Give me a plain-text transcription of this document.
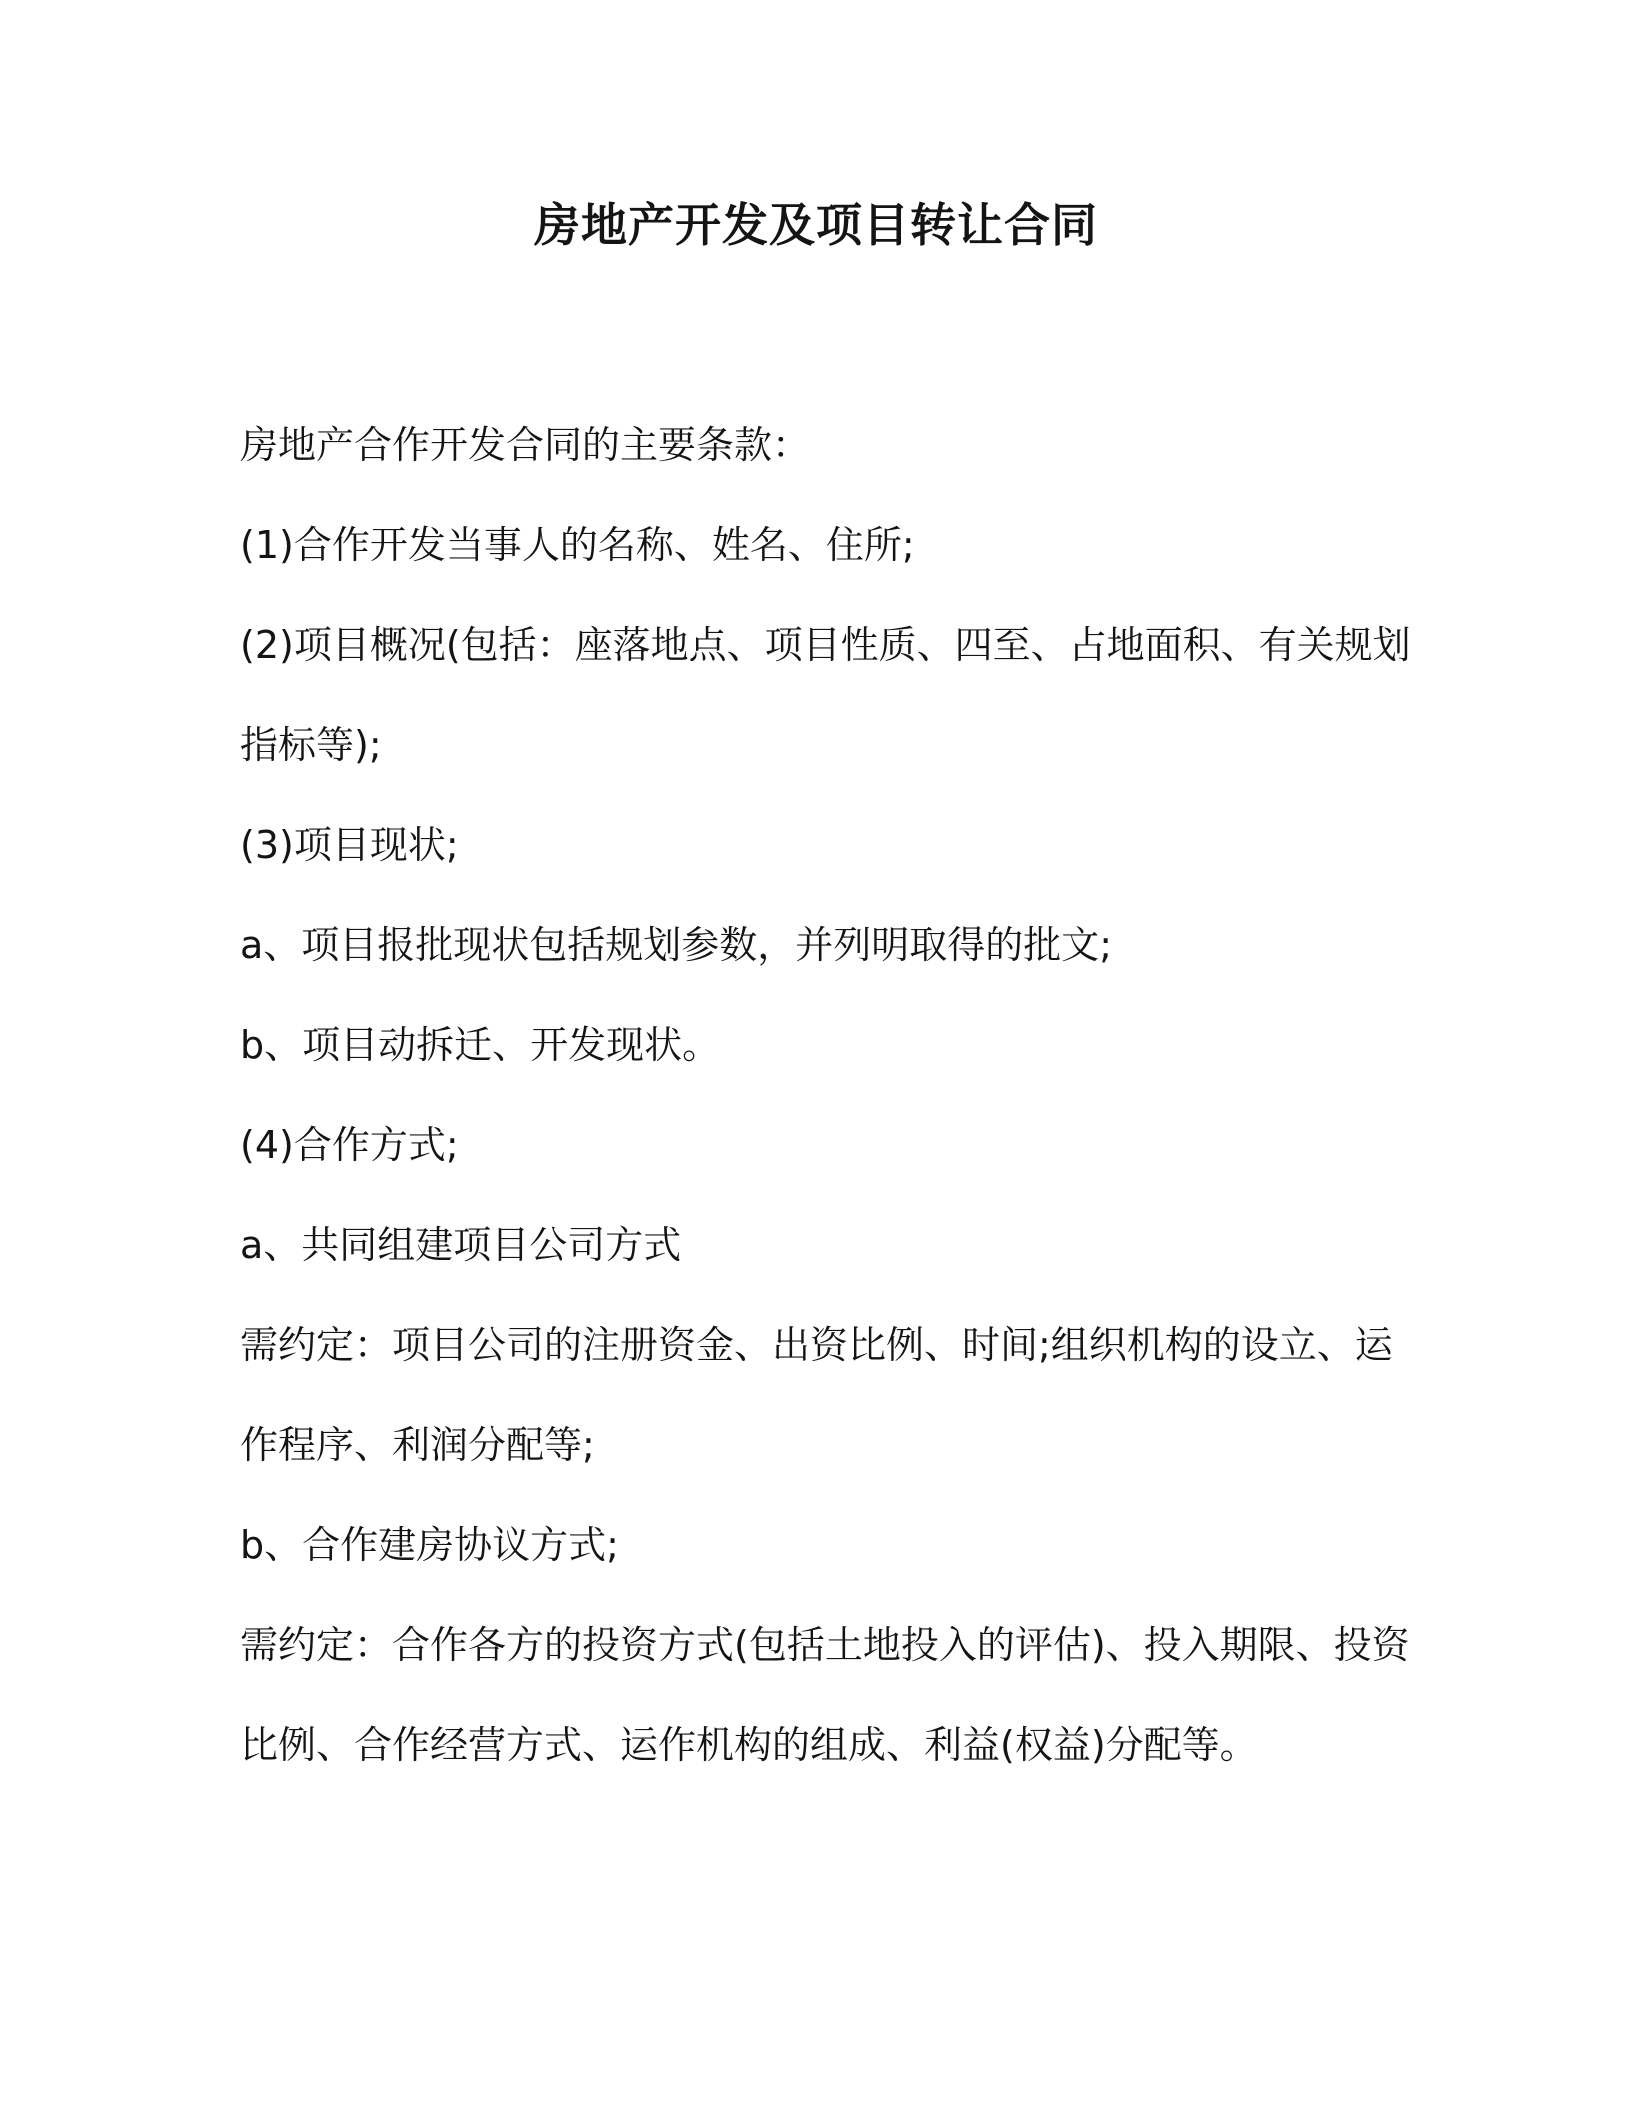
房地产开发及项目转让合同

房地产合作开发合同的主要条款：

(1)合作开发当事人的名称、姓名、住所;

(2)项目概况(包括：座落地点、项目性质、四至、占地面积、有关规划

指标等);

(3)项目现状;

a、项目报批现状包括规划参数，并列明取得的批文;

b、项目动拆迁、开发现状。

(4)合作方式;

a、共同组建项目公司方式

需约定：项目公司的注册资金、出资比例、时间;组织机构的设立、运

作程序、利润分配等;

b、合作建房协议方式;

需约定：合作各方的投资方式(包括土地投入的评估)、投入期限、投资

比例、合作经营方式、运作机构的组成、利益(权益)分配等。
